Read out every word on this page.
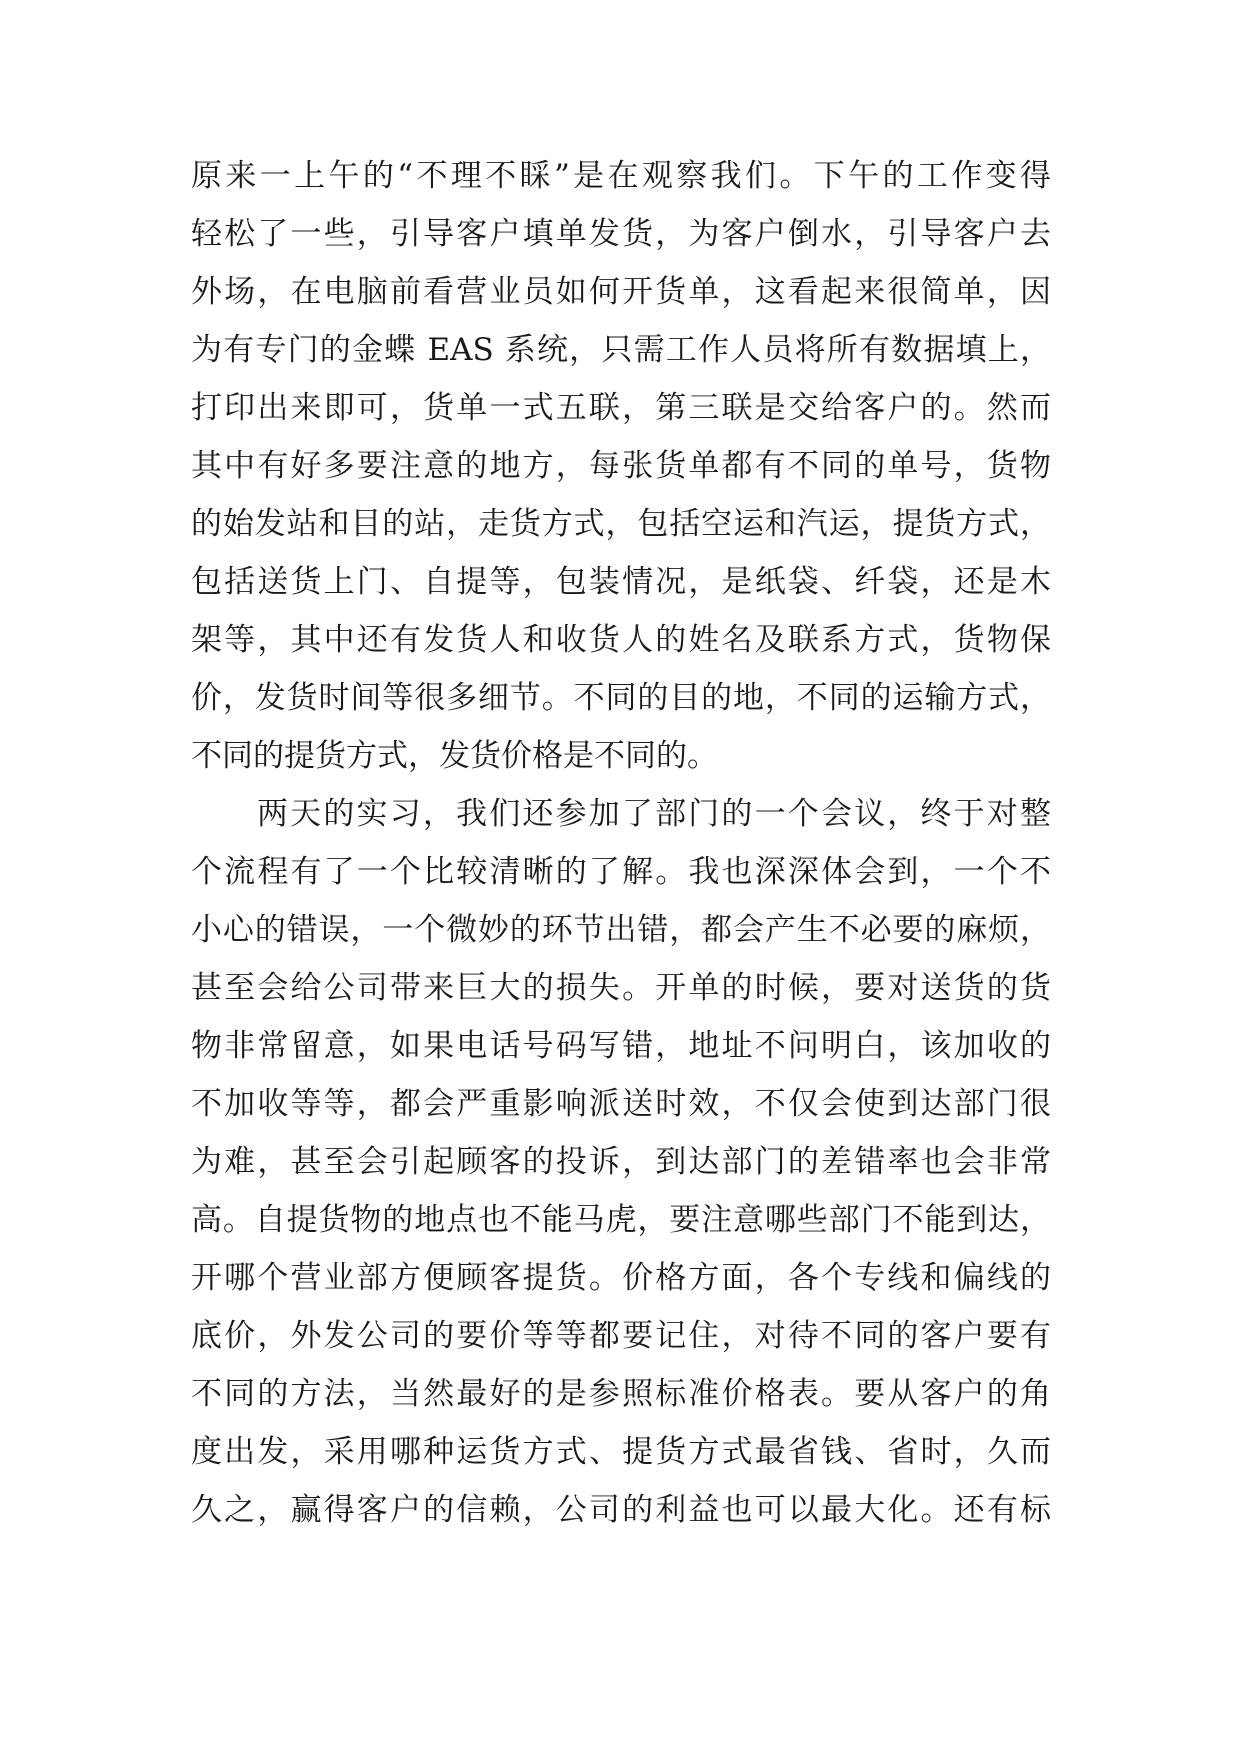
原来一上午的“不理不睬”是在观察我们。下午的工作变得
轻松了一些，引导客户填单发货，为客户倒水，引导客户去
外场，在电脑前看营业员如何开货单，这看起来很简单，因
为有专门的金蝶 EAS 系统，只需工作人员将所有数据填上，
打印出来即可，货单一式五联，第三联是交给客户的。然而
其中有好多要注意的地方，每张货单都有不同的单号，货物
的始发站和目的站，走货方式，包括空运和汽运，提货方式，
包括送货上门、自提等，包装情况，是纸袋、纤袋，还是木
架等，其中还有发货人和收货人的姓名及联系方式，货物保
价，发货时间等很多细节。不同的目的地，不同的运输方式，
不同的提货方式，发货价格是不同的。
两天的实习，我们还参加了部门的一个会议，终于对整
个流程有了一个比较清晰的了解。我也深深体会到，一个不
小心的错误，一个微妙的环节出错，都会产生不必要的麻烦，
甚至会给公司带来巨大的损失。开单的时候，要对送货的货
物非常留意，如果电话号码写错，地址不问明白，该加收的
不加收等等，都会严重影响派送时效，不仅会使到达部门很
为难，甚至会引起顾客的投诉，到达部门的差错率也会非常
高。自提货物的地点也不能马虎，要注意哪些部门不能到达，
开哪个营业部方便顾客提货。价格方面，各个专线和偏线的
底价，外发公司的要价等等都要记住，对待不同的客户要有
不同的方法，当然最好的是参照标准价格表。要从客户的角
度出发，采用哪种运货方式、提货方式最省钱、省时，久而
久之，赢得客户的信赖，公司的利益也可以最大化。还有标
